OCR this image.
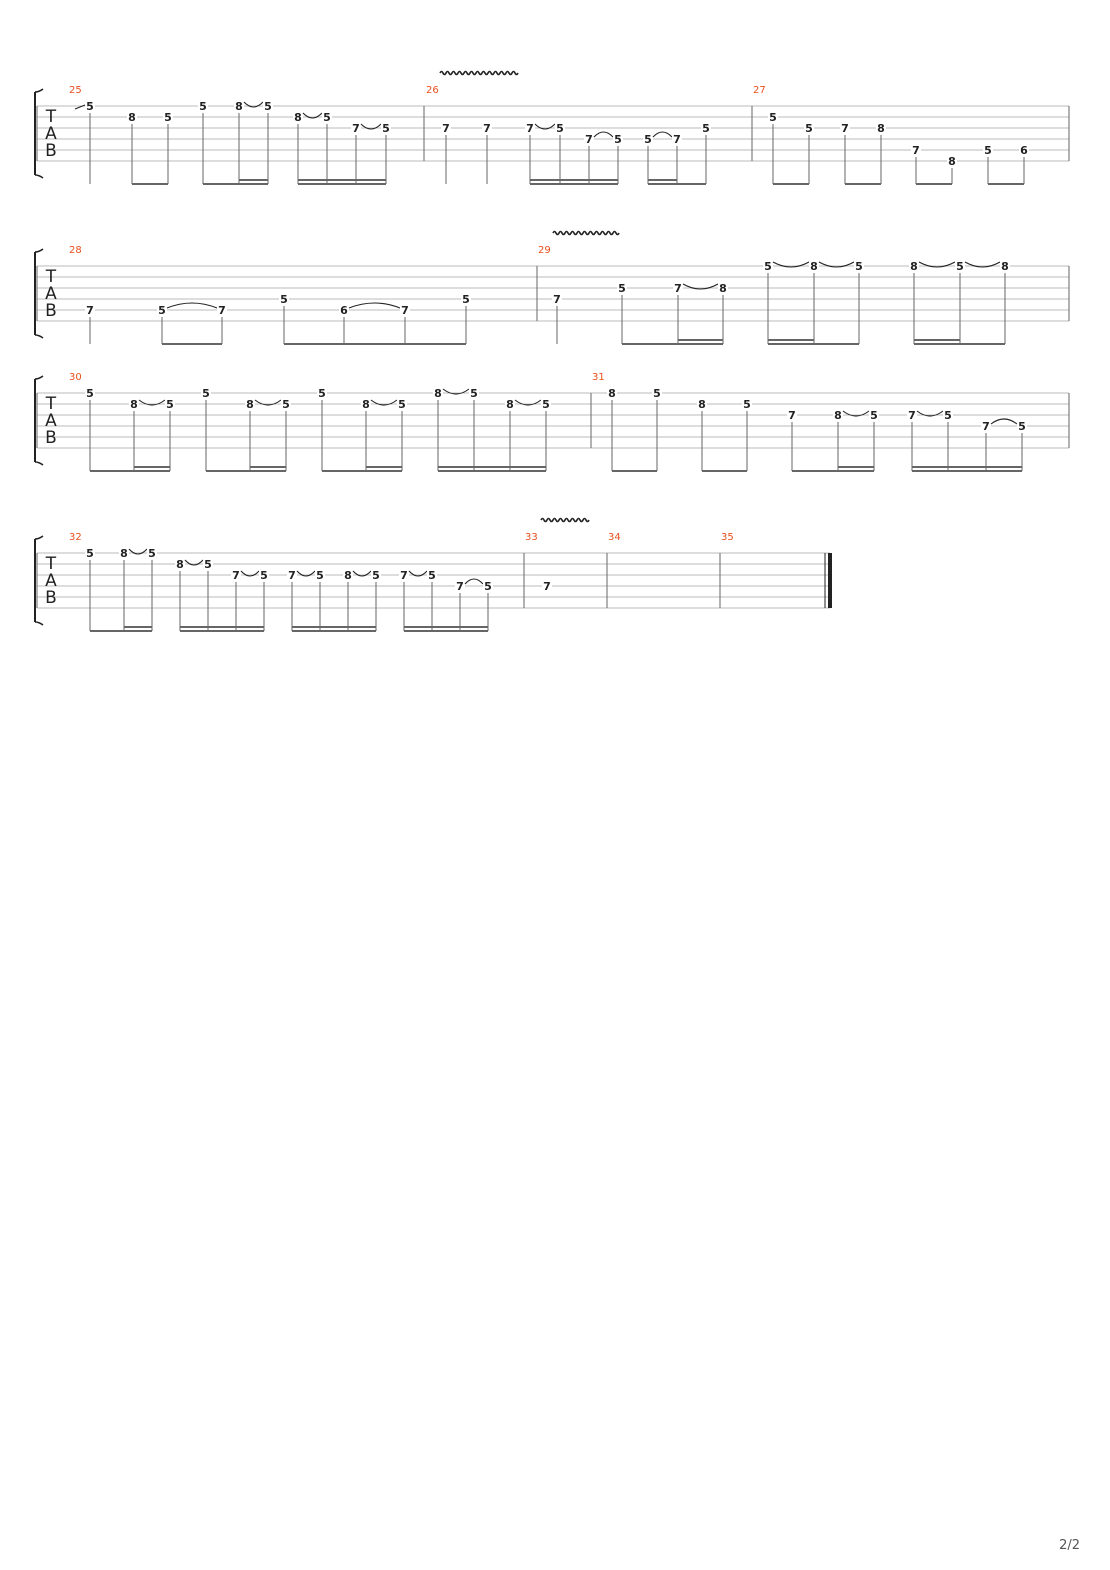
T
A
B
25
5
8	5
5	8 5
8 5
7 5
26
7	7	7 5
7 5 5 7
5
27
5
5	7	8
7
8
5	6
T
A
B
28
7	5	7
5
6	7
5
29
7
5	7	8
5	8	5	8	5	8
T
A
B
30
5
8	5
5
8	5
5
8	5
8	5
8	5
31
8	5
8	5
7	8	5	7	5
7	5
T
A
B
32
5 8 5
8 5
7 5 7 5 8 5 7 5
7 5
33
7
34	35
2/2
